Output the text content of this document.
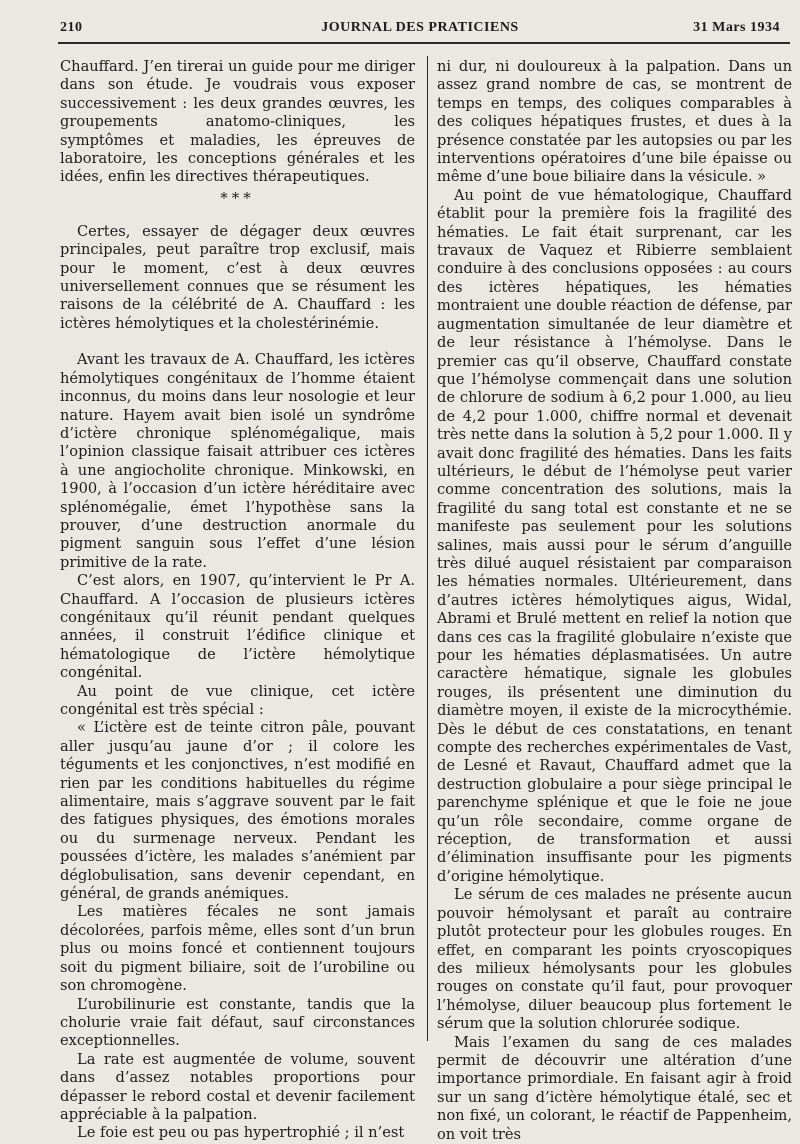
210	JOURNAL DES PRATICIENS	31 Mars 1934

Chauffard. J’en tirerai un guide pour me diriger dans son étude. Je voudrais vous exposer successivement : les deux grandes œuvres, les groupements anatomo-cliniques, les symptômes et maladies, les épreuves de laboratoire, les conceptions générales et les idées, enfin les directives thérapeutiques.

***

Certes, essayer de dégager deux œuvres principales, peut paraître trop exclusif, mais pour le moment, c’est à deux œuvres universellement connues que se résument les raisons de la célébrité de A. Chauffard : les ictères hémolytiques et la cholestérinémie.

Avant les travaux de A. Chauffard, les ictères hémolytiques congénitaux de l’homme étaient inconnus, du moins dans leur nosologie et leur nature. Hayem avait bien isolé un syndrôme d’ictère chronique splénomégalique, mais l’opinion classique faisait attribuer ces ictères à une angiocholite chronique. Minkowski, en 1900, à l’occasion d’un ictère héréditaire avec splénomégalie, émet l’hypothèse sans la prouver, d’une destruction anormale du pigment sanguin sous l’effet d’une lésion primitive de la rate.

C’est alors, en 1907, qu’intervient le Pr A. Chauffard. A l’occasion de plusieurs ictères congénitaux qu’il réunit pendant quelques années, il construit l’édifice clinique et hématologique de l’ictère hémolytique congénital.

Au point de vue clinique, cet ictère congénital est très spécial :

« L’ictère est de teinte citron pâle, pouvant aller jusqu’au jaune d’or ; il colore les téguments et les conjonctives, n’est modifié en rien par les conditions habituelles du régime alimentaire, mais s’aggrave souvent par le fait des fatigues physiques, des émotions morales ou du surmenage nerveux. Pendant les poussées d’ictère, les malades s’anémient par déglobulisation, sans devenir cependant, en général, de grands anémiques.

Les matières fécales ne sont jamais décolorées, parfois même, elles sont d’un brun plus ou moins foncé et contiennent toujours soit du pigment biliaire, soit de l’urobiline ou son chromogène.

L’urobilinurie est constante, tandis que la cholurie vraie fait défaut, sauf circonstances exceptionnelles.

La rate est augmentée de volume, souvent dans d’assez notables proportions pour dépasser le rebord costal et devenir facilement appréciable à la palpation.

Le foie est peu ou pas hypertrophié ; il n’est

ni dur, ni douloureux à la palpation. Dans un assez grand nombre de cas, se montrent de temps en temps, des coliques comparables à des coliques hépatiques frustes, et dues à la présence constatée par les autopsies ou par les interventions opératoires d’une bile épaisse ou même d’une boue biliaire dans la vésicule. »

Au point de vue hématologique, Chauffard établit pour la première fois la fragilité des hématies. Le fait était surprenant, car les travaux de Vaquez et Ribierre semblaient conduire à des conclusions opposées : au cours des ictères hépatiques, les hématies montraient une double réaction de défense, par augmentation simultanée de leur diamètre et de leur résistance à l’hémolyse. Dans le premier cas qu’il observe, Chauffard constate que l’hémolyse commençait dans une solution de chlorure de sodium à 6,2 pour 1.000, au lieu de 4,2 pour 1.000, chiffre normal et devenait très nette dans la solution à 5,2 pour 1.000. Il y avait donc fragilité des hématies. Dans les faits ultérieurs, le début de l’hémolyse peut varier comme concentration des solutions, mais la fragilité du sang total est constante et ne se manifeste pas seulement pour les solutions salines, mais aussi pour le sérum d’anguille très dilué auquel résistaient par comparaison les hématies normales. Ultérieurement, dans d’autres ictères hémolytiques aigus, Widal, Abrami et Brulé mettent en relief la notion que dans ces cas la fragilité globulaire n’existe que pour les hématies déplasmatisées. Un autre caractère hématique, signale les globules rouges, ils présentent une diminution du diamètre moyen, il existe de la microcythémie. Dès le début de ces constatations, en tenant compte des recherches expérimentales de Vast, de Lesné et Ravaut, Chauffard admet que la destruction globulaire a pour siège principal le parenchyme splénique et que le foie ne joue qu’un rôle secondaire, comme organe de réception, de transformation et aussi d’élimination insuffisante pour les pigments d’origine hémolytique.

Le sérum de ces malades ne présente aucun pouvoir hémolysant et paraît au contraire plutôt protecteur pour les globules rouges. En effet, en comparant les points cryoscopiques des milieux hémolysants pour les globules rouges on constate qu’il faut, pour provoquer l’hémolyse, diluer beaucoup plus fortement le sérum que la solution chlorurée sodique.

Mais l’examen du sang de ces malades permit de découvrir une altération d’une importance primordiale. En faisant agir à froid sur un sang d’ictère hémolytique étalé, sec et non fixé, un colorant, le réactif de Pappenheim, on voit très
